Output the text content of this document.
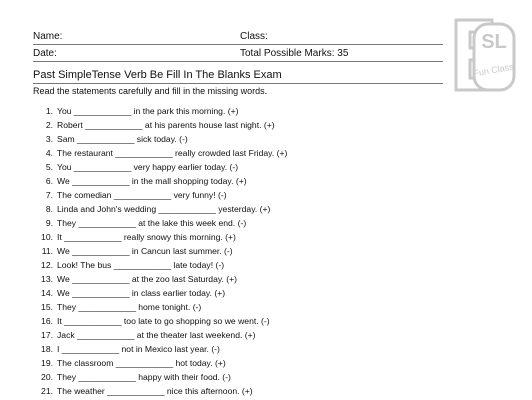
Name:	Class:
Date:	Total Possible Marks: 35
Past SimpleTense Verb Be Fill In The Blanks Exam
Read the statements carefully and fill in the missing words.
1. You ____________ in the park this morning. (+)
2. Robert ____________ at his parents house last night. (+)
3. Sam ____________ sick today. (-)
4. The restaurant ____________ really crowded last Friday. (+)
5. You ____________ very happy earlier today. (-)
6. We ____________ in the mall shopping today. (+)
7. The comedian ____________ very funny! (-)
8. Linda and John's wedding ____________ yesterday. (+)
9. They ____________ at the lake this week end. (-)
10. It ____________ really snowy this morning. (+)
11. We ____________ in Cancun last summer. (-)
12. Look! The bus ____________ late today! (-)
13. We ____________ at the zoo last Saturday. (+)
14. We ____________ in class earlier today. (+)
15. They ____________ home tonight. (-)
16. It ____________ too late to go shopping so we went. (-)
17. Jack ____________ at the theater last weekend. (+)
18. I ____________ not in Mexico last year. (-)
19. The classroom ____________ hot today. (+)
20. They ____________ happy with their food. (-)
21. The weather ____________ nice this afternoon. (+)
SL
Fun Class
